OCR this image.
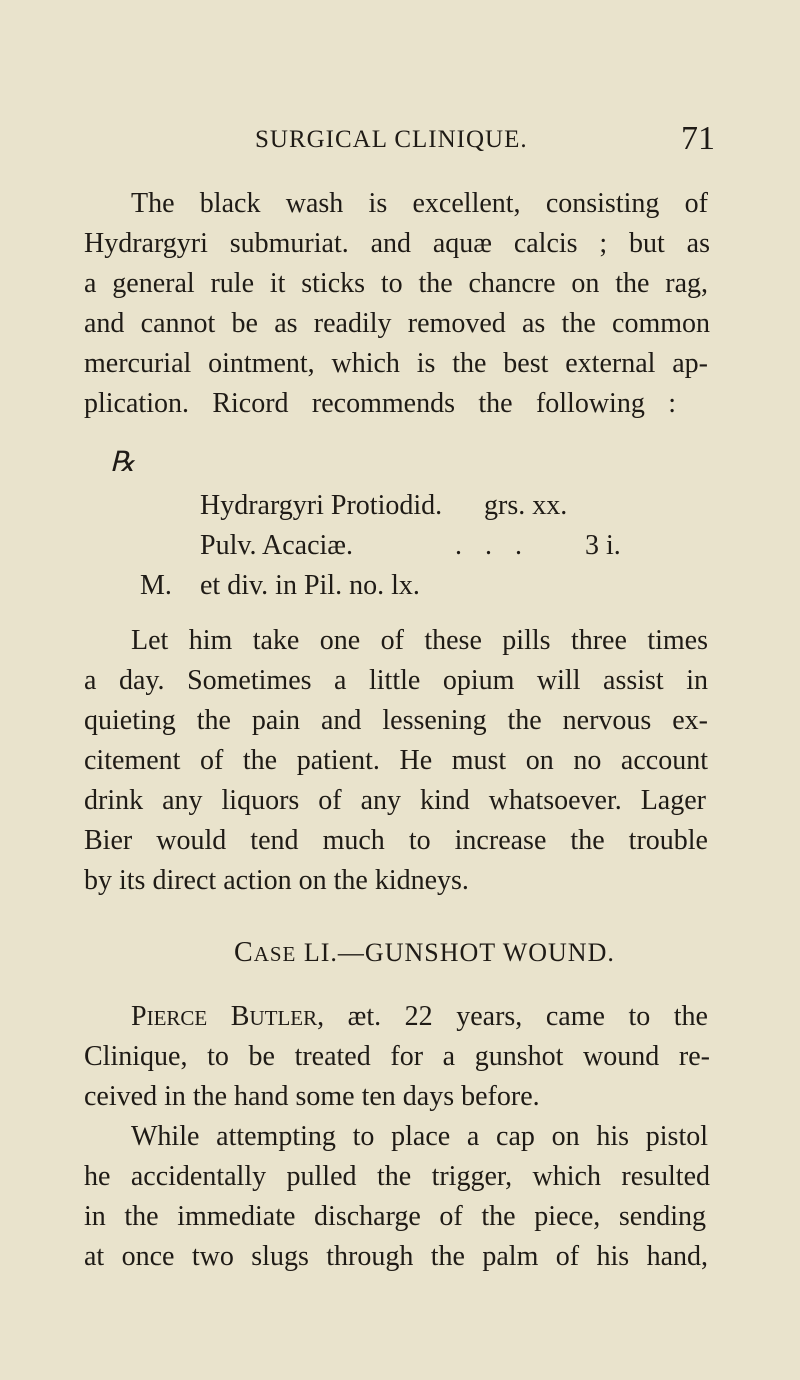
SURGICAL CLINIQUE.	71
The black wash is excellent, consisting of
Hydrargyri submuriat. and aquæ calcis ; but as
a general rule it sticks to the chancre on the rag,
and cannot be as readily removed as the common
mercurial ointment, which is the best external ap-
plication. Ricord recommends the following :
℞
Hydrargyri Protiodid. grs. xx.
Pulv. Acaciæ.	. . . 3 i.
M. et div. in Pil. no. lx.
Let him take one of these pills three times
a day. Sometimes a little opium will assist in
quieting the pain and lessening the nervous ex-
citement of the patient. He must on no account
drink any liquors of any kind whatsoever. Lager
Bier would tend much to increase the trouble
by its direct action on the kidneys.
CASE LI.—GUNSHOT WOUND.
PIERCE BUTLER, æt. 22 years, came to the
Clinique, to be treated for a gunshot wound re-
ceived in the hand some ten days before.
While attempting to place a cap on his pistol
he accidentally pulled the trigger, which resulted
in the immediate discharge of the piece, sending
at once two slugs through the palm of his hand,
